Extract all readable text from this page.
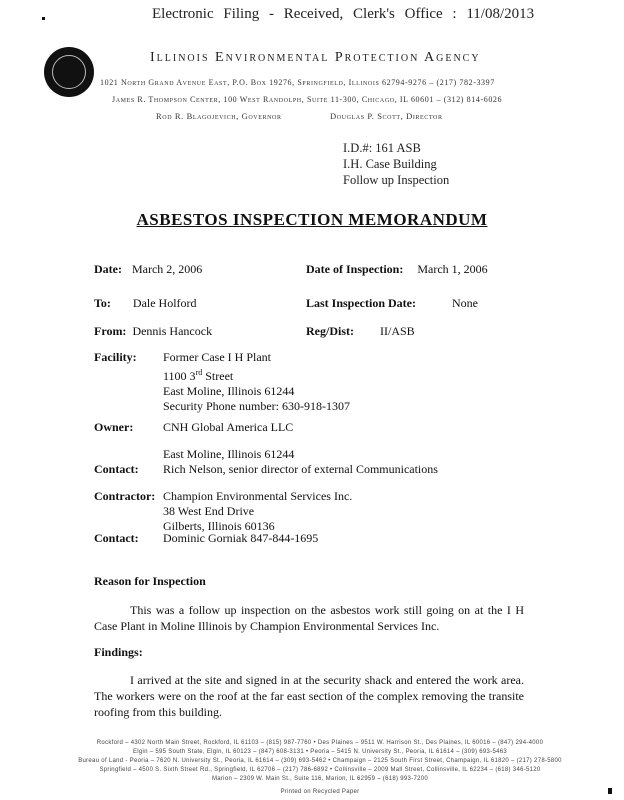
Electronic Filing - Received, Clerk's Office : 11/08/2013
Illinois Environmental Protection Agency
1021 North Grand Avenue East, P.O. Box 19276, Springfield, Illinois 62794-9276 – (217) 782-3397
James R. Thompson Center, 100 West Randolph, Suite 11-300, Chicago, IL 60601 – (312) 814-6026
Rod R. Blagojevich, Governor	Douglas P. Scott, Director
I.D.#: 161 ASB
I.H. Case Building
Follow up Inspection
ASBESTOS INSPECTION MEMORANDUM
Date: March 2, 2006	Date of Inspection: March 1, 2006
To: Dale Holford	Last Inspection Date:	None
From: Dennis Hancock	Reg/Dist: II/ASB
Facility: Former Case I H Plant
1100 3rd Street
East Moline, Illinois 61244
Security Phone number: 630-918-1307
Owner: CNH Global America LLC
East Moline, Illinois 61244
Contact: Rich Nelson, senior director of external Communications
Contractor: Champion Environmental Services Inc.
38 West End Drive
Gilberts, Illinois 60136
Contact: Dominic Gorniak 847-844-1695
Reason for Inspection
This was a follow up inspection on the asbestos work still going on at the I H Case Plant in Moline Illinois by Champion Environmental Services Inc.
Findings:
I arrived at the site and signed in at the security shack and entered the work area. The workers were on the roof at the far east section of the complex removing the transite roofing from this building.
Rockford – 4302 North Main Street, Rockford, IL 61103 – (815) 987-7760 • Des Plaines – 9511 W. Harrison St., Des Plaines, IL 60016 – (847) 294-4000
Elgin – 595 South State, Elgin, IL 60123 – (847) 608-3131 • Peoria – 5415 N. University St., Peoria, IL 61614 – (309) 693-5463
Bureau of Land - Peoria – 7620 N. University St., Peoria, IL 61614 – (309) 693-5462 • Champaign – 2125 South First Street, Champaign, IL 61820 – (217) 278-5800
Springfield – 4500 S. Sixth Street Rd., Springfield, IL 62706 – (217) 786-6892 • Collinsville – 2009 Mall Street, Collinsville, IL 62234 – (618) 346-5120
Marion – 2309 W. Main St., Suite 116, Marion, IL 62959 – (618) 993-7200
Printed on Recycled Paper
